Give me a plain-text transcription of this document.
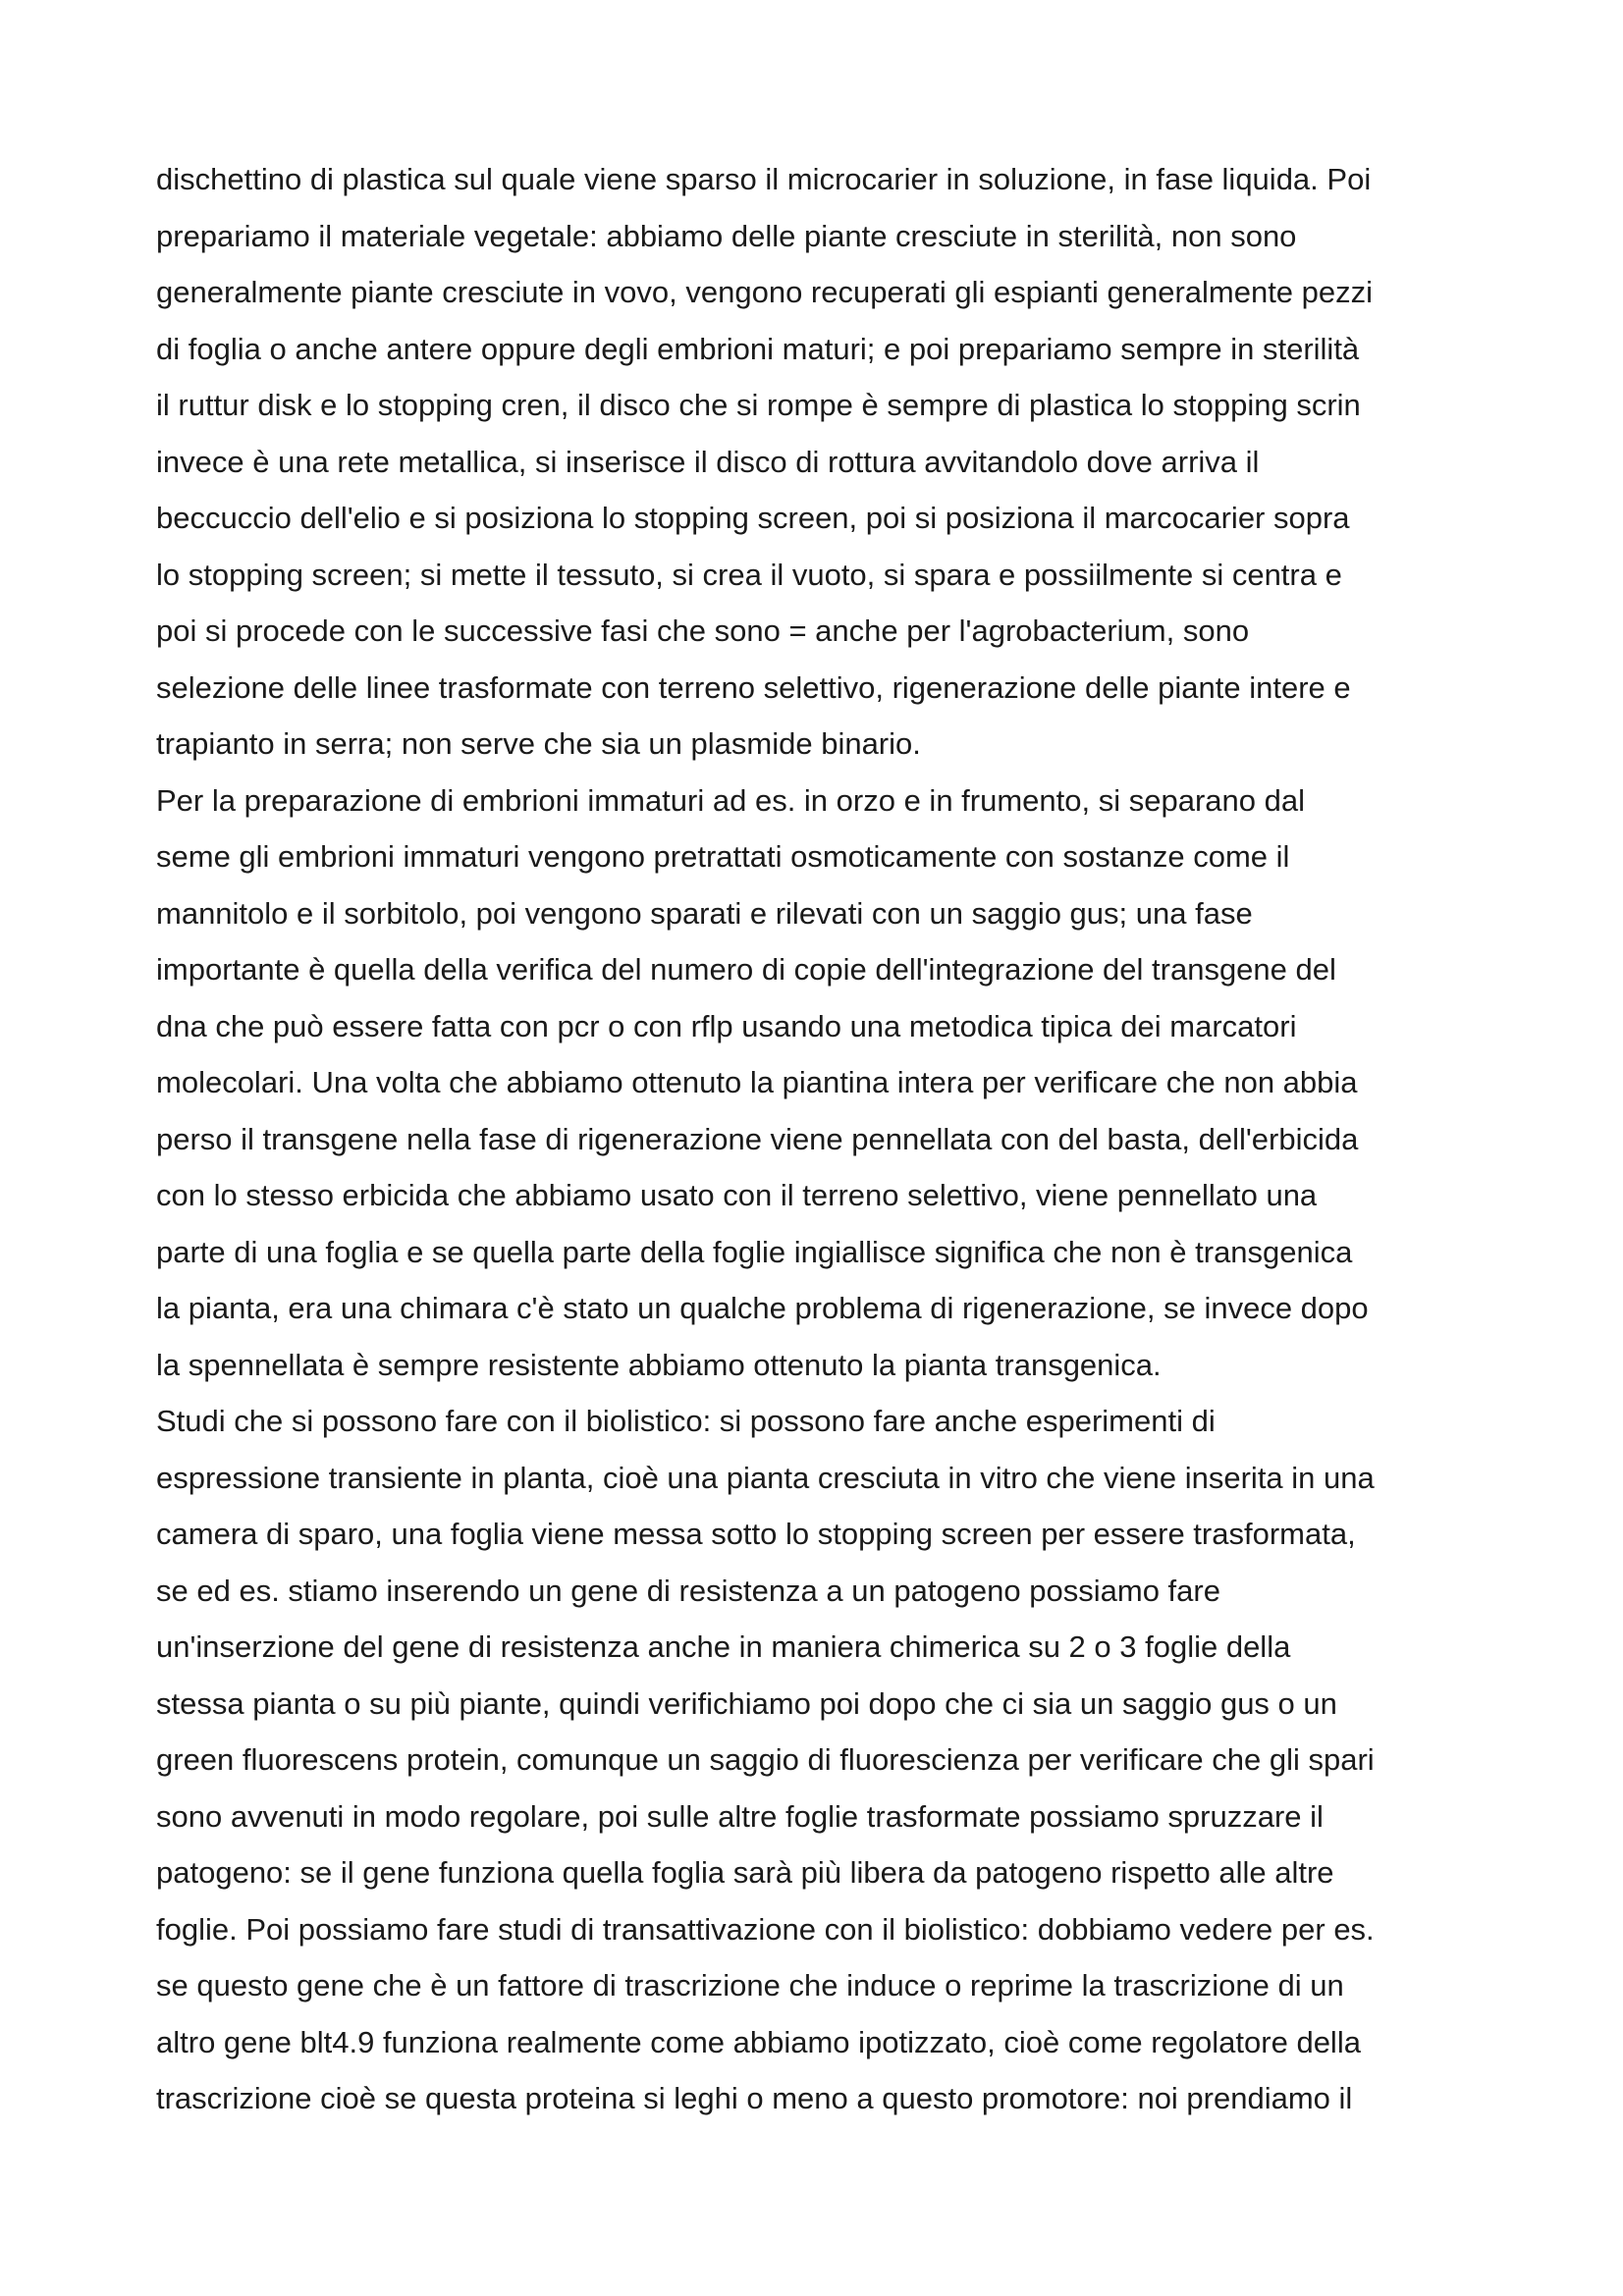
dischettino di plastica sul quale viene sparso il microcarier in soluzione, in fase liquida. Poi
prepariamo il materiale vegetale: abbiamo delle piante cresciute in sterilità, non sono
generalmente piante cresciute in vovo, vengono recuperati gli espianti generalmente pezzi
di foglia o anche antere oppure degli embrioni maturi; e poi prepariamo sempre in sterilità
il ruttur disk e lo stopping cren, il disco che si rompe è sempre di plastica lo stopping scrin
invece è una rete metallica, si inserisce il disco di rottura avvitandolo dove arriva il
beccuccio dell'elio e si posiziona lo stopping screen, poi si posiziona il marcocarier sopra
lo stopping screen; si mette il tessuto, si crea il vuoto, si spara e possiilmente si centra e
poi si procede con le successive fasi che sono = anche per l'agrobacterium, sono
selezione delle linee trasformate con terreno selettivo, rigenerazione delle piante intere e
trapianto in serra; non serve che sia un plasmide binario.
Per la preparazione di embrioni immaturi ad es. in orzo e in frumento, si separano dal
seme gli embrioni immaturi vengono pretrattati osmoticamente con sostanze come il
mannitolo e il sorbitolo, poi vengono sparati e rilevati con un saggio gus; una fase
importante è quella della verifica del numero di copie dell'integrazione del transgene del
dna che può essere fatta con pcr o con rflp usando una metodica tipica dei marcatori
molecolari. Una volta che abbiamo ottenuto la piantina intera per verificare che non abbia
perso il transgene nella fase di rigenerazione viene pennellata con del basta, dell'erbicida
con lo stesso erbicida che abbiamo usato con il terreno selettivo, viene pennellato una
parte di una foglia e se quella parte della foglie ingiallisce significa che non è transgenica
la pianta, era una chimara c'è stato un qualche problema di rigenerazione, se invece dopo
la spennellata è sempre resistente abbiamo ottenuto la pianta transgenica.
Studi che si possono fare con il biolistico: si possono fare anche esperimenti di
espressione transiente in planta, cioè una pianta cresciuta in vitro che viene inserita in una
camera di sparo, una foglia viene messa sotto lo stopping screen per essere trasformata,
se ed es. stiamo inserendo un gene di resistenza a un patogeno possiamo fare
un'inserzione del gene di resistenza anche in maniera chimerica su 2 o 3 foglie della
stessa pianta o su più piante, quindi verifichiamo poi dopo che ci sia un saggio gus o un
green fluorescens protein, comunque un saggio di fluorescienza per verificare che gli spari
sono avvenuti in modo regolare, poi sulle altre foglie trasformate possiamo spruzzare il
patogeno: se il gene funziona quella foglia sarà più libera da patogeno rispetto alle altre
foglie. Poi possiamo fare studi di transattivazione con il biolistico: dobbiamo vedere per es.
se questo gene che è un fattore di trascrizione che induce o reprime la trascrizione di un
altro gene blt4.9 funziona realmente come abbiamo ipotizzato, cioè come regolatore della
trascrizione cioè se questa proteina si leghi o meno a questo promotore: noi prendiamo il
